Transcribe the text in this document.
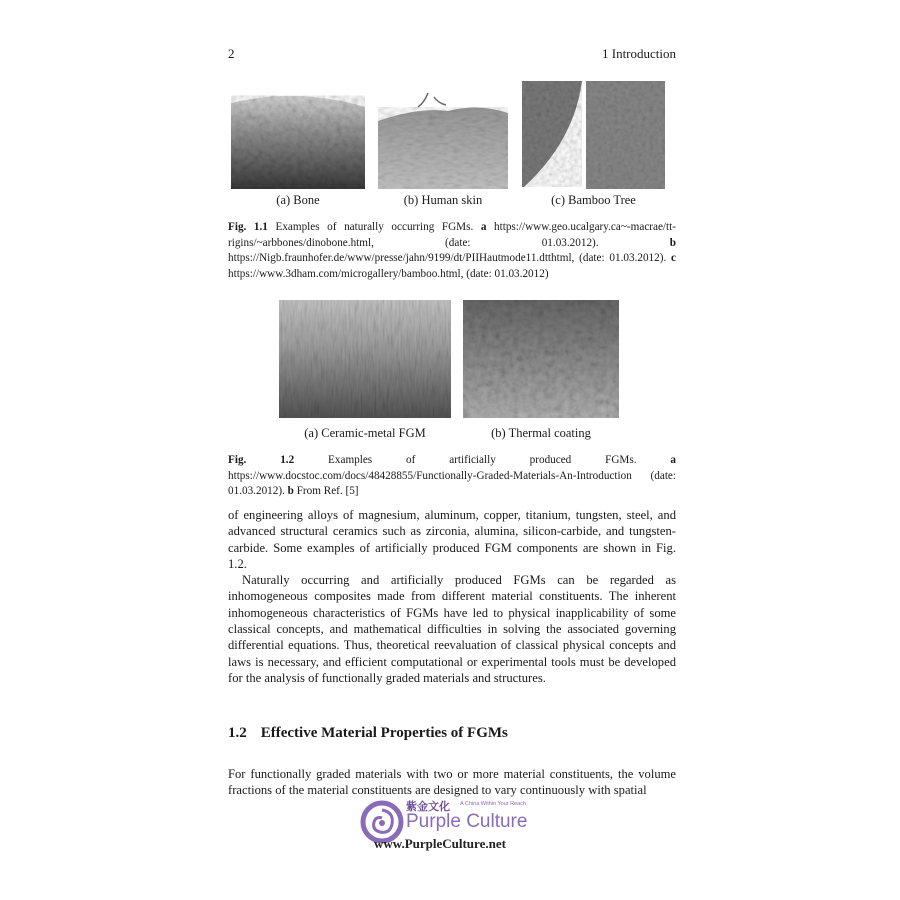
2	1 Introduction
(a) Bone	(b) Human skin	(c) Bamboo Tree
Fig. 1.1 Examples of naturally occurring FGMs. a https://www.geo.ucalgary.ca~-macrae/tt-rigins/~arbbones/dinobone.html, (date: 01.03.2012). b https://Nigb.fraunhofer.de/www/presse/jahn/9199/dt/PIIHautmode11.dtthtml, (date: 01.03.2012). c https://www.3dham.com/microgallery/bamboo.html, (date: 01.03.2012)
(a) Ceramic-metal FGM	(b) Thermal coating
Fig. 1.2 Examples of artificially produced FGMs. a https://www.docstoc.com/docs/48428855/Functionally-Graded-Materials-An-Introduction (date: 01.03.2012). b From Ref. [5]

of engineering alloys of magnesium, aluminum, copper, titanium, tungsten, steel, and advanced structural ceramics such as zirconia, alumina, silicon-carbide, and tungsten-carbide. Some examples of artificially produced FGM components are shown in Fig. 1.2.

Naturally occurring and artificially produced FGMs can be regarded as inhomogeneous composites made from different material constituents. The inherent inhomogeneous characteristics of FGMs have led to physical inapplicability of some classical concepts, and mathematical difficulties in solving the associated governing differential equations. Thus, theoretical reevaluation of classical physical concepts and laws is necessary, and efficient computational or experimental tools must be developed for the analysis of functionally graded materials and structures.

1.2 Effective Material Properties of FGMs
For functionally graded materials with two or more material constituents, the volume fractions of the material constituents are designed to vary continuously with spatial
紫金文化 A China Within Your Reach
Purple Culture
www.PurpleCulture.net
